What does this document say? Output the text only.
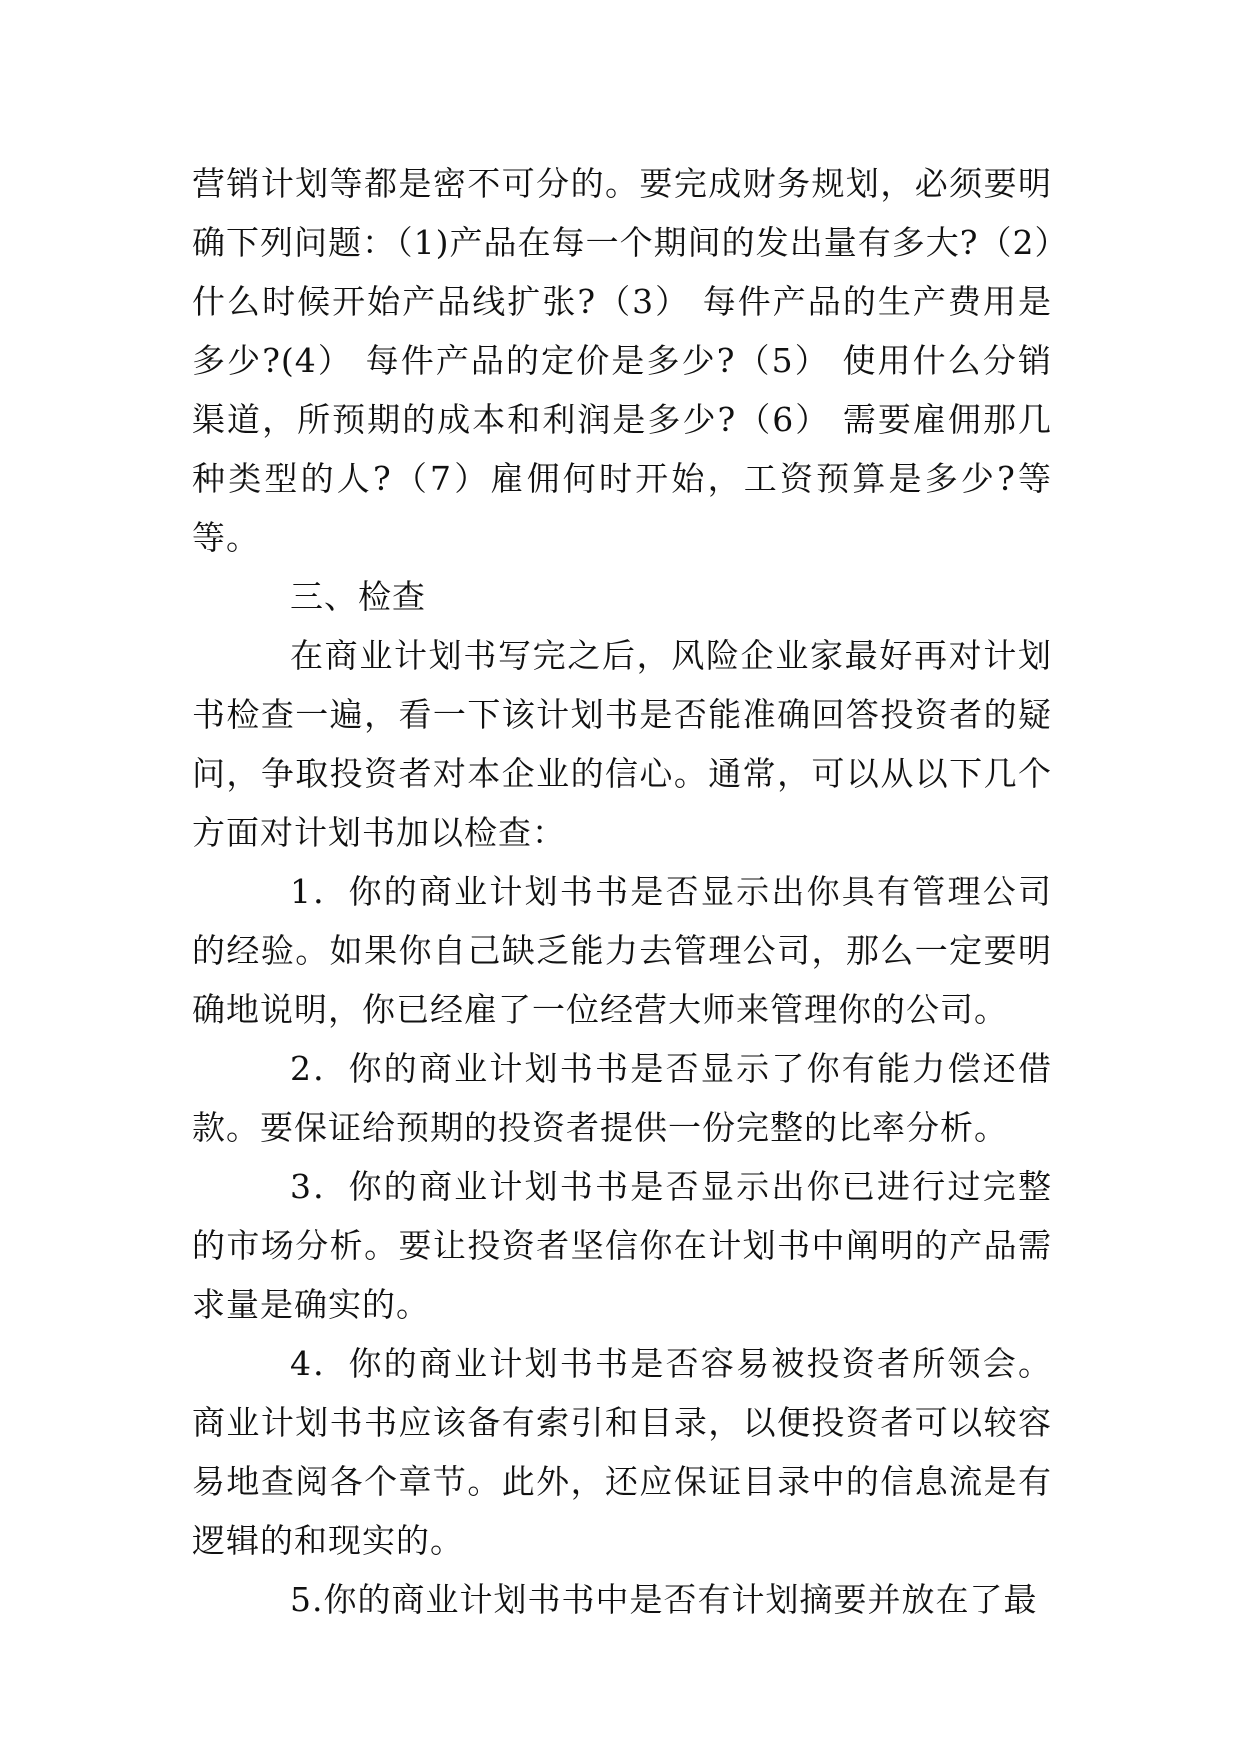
营销计划等都是密不可分的。要完成财务规划，必须要明确下列问题：（1)产品在每一个期间的发出量有多大?（2）什么时候开始产品线扩张?（3） 每件产品的生产费用是多少?(4） 每件产品的定价是多少?（5） 使用什么分销渠道，所预期的成本和利润是多少?（6） 需要雇佣那几种类型的人?（7）雇佣何时开始，工资预算是多少?等等。

三、检查

在商业计划书写完之后，风险企业家最好再对计划书检查一遍，看一下该计划书是否能准确回答投资者的疑问，争取投资者对本企业的信心。通常，可以从以下几个方面对计划书加以检查：

1．你的商业计划书书是否显示出你具有管理公司的经验。如果你自己缺乏能力去管理公司，那么一定要明确地说明，你已经雇了一位经营大师来管理你的公司。

2．你的商业计划书书是否显示了你有能力偿还借款。要保证给预期的投资者提供一份完整的比率分析。

3．你的商业计划书书是否显示出你已进行过完整的市场分析。要让投资者坚信你在计划书中阐明的产品需求量是确实的。

4．你的商业计划书书是否容易被投资者所领会。商业计划书书应该备有索引和目录，以便投资者可以较容易地查阅各个章节。此外，还应保证目录中的信息流是有逻辑的和现实的。

5.你的商业计划书书中是否有计划摘要并放在了最
